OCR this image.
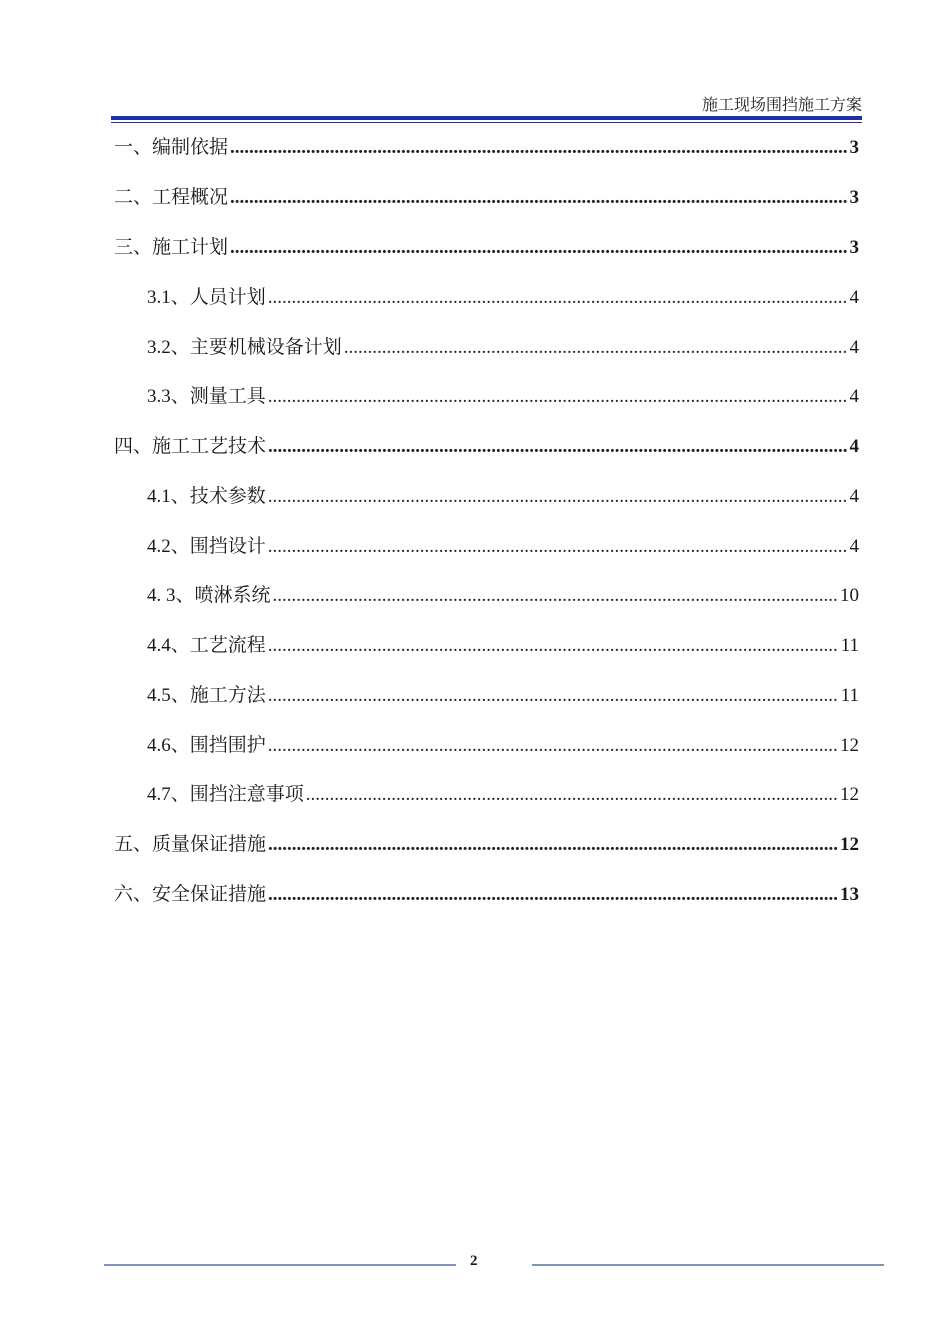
施工现场围挡施工方案
一、 编制依据 .....	3
二、 工程概况 .....	3
三、 施工计划 .....	3
3.1、人员计划 .....	4
3.2、主要机械设备计划 .....	4
3.3、测量工具 .....	4
四、 施工工艺技术 .....	4
4.1、技术参数 .....	4
4.2、围挡设计 .....	4
4. 3、喷淋系统 .....	10
4.4、工艺流程 .....	11
4.5、施工方法 .....	11
4.6、围挡围护 .....	12
4.7、围挡注意事项 .....	12
五、 质量保证措施 .....	12
六、 安全保证措施 .....	13
2
